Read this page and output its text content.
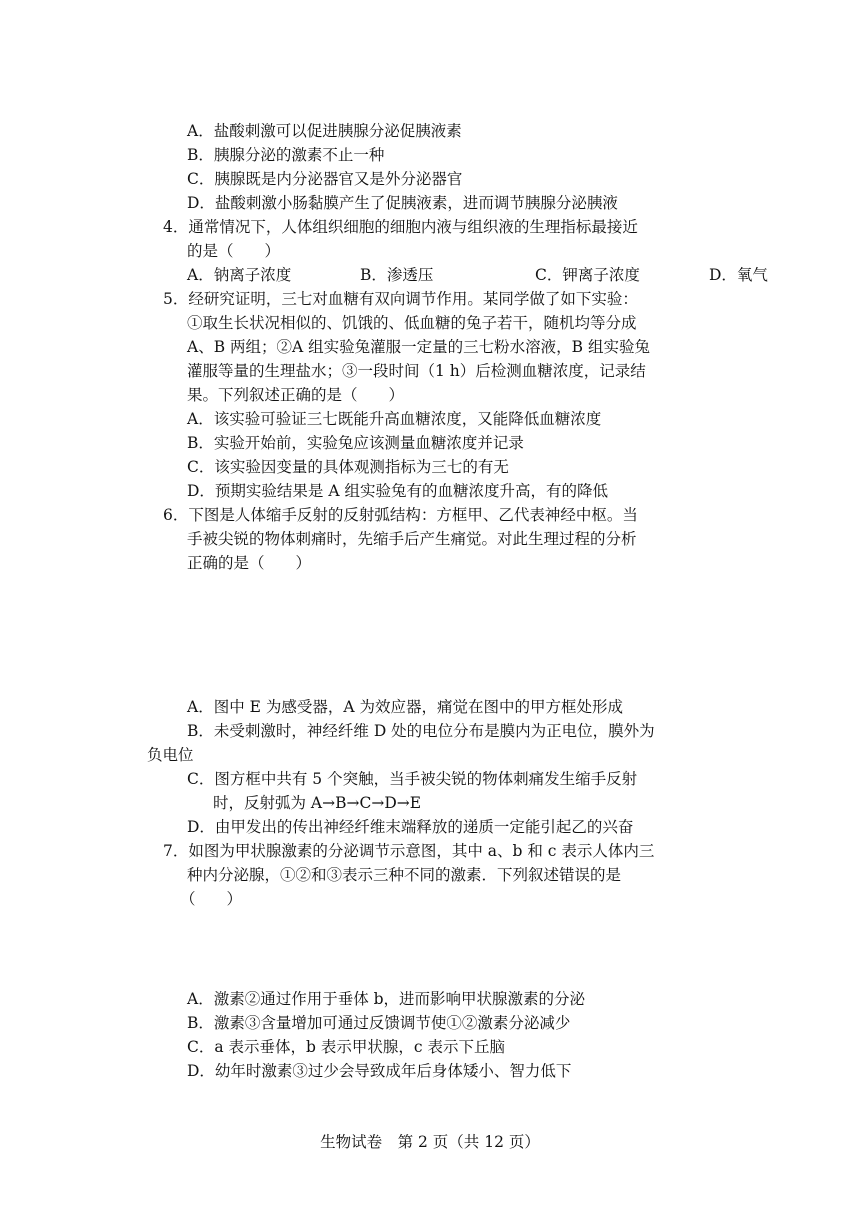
A．盐酸刺激可以促进胰腺分泌促胰液素
B．胰腺分泌的激素不止一种
C．胰腺既是内分泌器官又是外分泌器官
D．盐酸刺激小肠黏膜产生了促胰液素，进而调节胰腺分泌胰液
4．通常情况下，人体组织细胞的细胞内液与组织液的生理指标最接近
的是（　　）
A．钠离子浓度	B．渗透压	C．钾离子浓度	D．氧气
5．经研究证明，三七对血糖有双向调节作用。某同学做了如下实验：
①取生长状况相似的、饥饿的、低血糖的兔子若干，随机均等分成
A、B 两组；②A 组实验兔灌服一定量的三七粉水溶液，B 组实验兔
灌服等量的生理盐水；③一段时间（1 h）后检测血糖浓度，记录结
果。下列叙述正确的是（　　）
A．该实验可验证三七既能升高血糖浓度，又能降低血糖浓度
B．实验开始前，实验兔应该测量血糖浓度并记录
C．该实验因变量的具体观测指标为三七的有无
D．预期实验结果是 A 组实验兔有的血糖浓度升高，有的降低
6．下图是人体缩手反射的反射弧结构：方框甲、乙代表神经中枢。当
手被尖锐的物体刺痛时，先缩手后产生痛觉。对此生理过程的分析
正确的是（　　）
A．图中 E 为感受器，A 为效应器，痛觉在图中的甲方框处形成
B．未受刺激时，神经纤维 D 处的电位分布是膜内为正电位，膜外为
负电位
C．图方框中共有 5 个突触，当手被尖锐的物体刺痛发生缩手反射
时，反射弧为 A→B→C→D→E
D．由甲发出的传出神经纤维末端释放的递质一定能引起乙的兴奋
7．如图为甲状腺激素的分泌调节示意图，其中 a、b 和 c 表示人体内三
种内分泌腺，①②和③表示三种不同的激素．下列叙述错误的是
（　　）
A．激素②通过作用于垂体 b，进而影响甲状腺激素的分泌
B．激素③含量增加可通过反馈调节使①②激素分泌减少
C．a 表示垂体，b 表示甲状腺，c 表示下丘脑
D．幼年时激素③过少会导致成年后身体矮小、智力低下
生物试卷　第 2 页（共 12 页）
